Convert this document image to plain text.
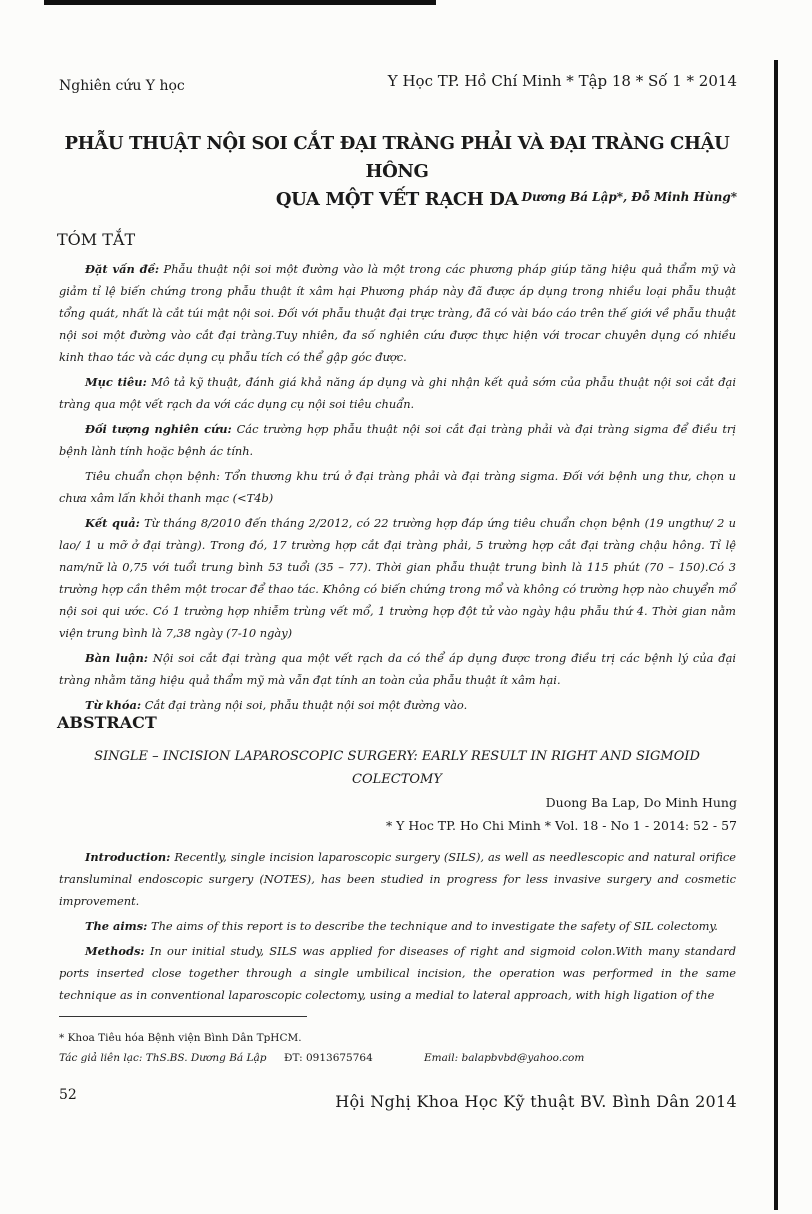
Nghiên cứu Y học	Y Học TP. Hồ Chí Minh * Tập 18 * Số 1 * 2014
PHẪU THUẬT NỘI SOI CẮT ĐẠI TRÀNG PHẢI VÀ ĐẠI TRÀNG CHẬU HÔNG
QUA MỘT VẾT RẠCH DA Dương Bá Lập*, Đỗ Minh Hùng*
TÓM TẮT

Đặt vấn đề: Phẫu thuật nội soi một đường vào là một trong các phương pháp giúp tăng hiệu quả thẩm mỹ và giảm tỉ lệ biến chứng trong phẫu thuật ít xâm hại Phương pháp này đã được áp dụng trong nhiều loại phẫu thuật tổng quát, nhất là cắt túi mật nội soi. Đối với phẫu thuật đại trực tràng, đã có vài báo cáo trên thế giới về phẫu thuật nội soi một đường vào cắt đại tràng.Tuy nhiên, đa số nghiên cứu được thực hiện với trocar chuyên dụng có nhiều kinh thao tác và các dụng cụ phẫu tích có thể gập góc được.

Mục tiêu: Mô tả kỹ thuật, đánh giá khả năng áp dụng và ghi nhận kết quả sớm của phẫu thuật nội soi cắt đại tràng qua một vết rạch da với các dụng cụ nội soi tiêu chuẩn.

Đối tượng nghiên cứu: Các trường hợp phẫu thuật nội soi cắt đại tràng phải và đại tràng sigma để điều trị bệnh lành tính hoặc bệnh ác tính.

Tiêu chuẩn chọn bệnh: Tổn thương khu trú ở đại tràng phải và đại tràng sigma. Đối với bệnh ung thư, chọn u chưa xâm lấn khỏi thanh mạc (<T4b)

Kết quả: Từ tháng 8/2010 đến tháng 2/2012, có 22 trường hợp đáp ứng tiêu chuẩn chọn bệnh (19 ungthư/ 2 u lao/ 1 u mỡ ở đại tràng). Trong đó, 17 trường hợp cắt đại tràng phải, 5 trường hợp cắt đại tràng chậu hông. Tỉ lệ nam/nữ là 0,75 với tuổi trung bình 53 tuổi (35 – 77). Thời gian phẫu thuật trung bình là 115 phút (70 – 150).Có 3 trường hợp cần thêm một trocar để thao tác. Không có biến chứng trong mổ và không có trường hợp nào chuyển mổ nội soi qui ước. Có 1 trường hợp nhiễm trùng vết mổ, 1 trường hợp đột tử vào ngày hậu phẫu thứ 4. Thời gian nằm viện trung bình là 7,38 ngày (7-10 ngày)

Bàn luận: Nội soi cắt đại tràng qua một vết rạch da có thể áp dụng được trong điều trị các bệnh lý của đại tràng nhằm tăng hiệu quả thẩm mỹ mà vẫn đạt tính an toàn của phẫu thuật ít xâm hại.

Từ khóa: Cắt đại tràng nội soi, phẫu thuật nội soi một đường vào.

ABSTRACT
SINGLE – INCISION LAPAROSCOPIC SURGERY: EARLY RESULT IN RIGHT AND SIGMOID
COLECTOMY
Duong Ba Lap, Do Minh Hung
* Y Hoc TP. Ho Chi Minh * Vol. 18 - No 1 - 2014: 52 - 57

Introduction: Recently, single incision laparoscopic surgery (SILS), as well as needlescopic and natural orifice transluminal endoscopic surgery (NOTES), has been studied in progress for less invasive surgery and cosmetic improvement.

The aims: The aims of this report is to describe the technique and to investigate the safety of SIL colectomy.

Methods: In our initial study, SILS was applied for diseases of right and sigmoid colon.With many standard ports inserted close together through a single umbilical incision, the operation was performed in the same technique as in conventional laparoscopic colectomy, using a medial to lateral approach, with high ligation of the

* Khoa Tiêu hóa Bệnh viện Bình Dân TpHCM.
Tác giả liên lạc: ThS.BS. Dương Bá Lập ĐT: 0913675764	Email: balapbvbd@yahoo.com
52	Hội Nghị Khoa Học Kỹ thuật BV. Bình Dân 2014
